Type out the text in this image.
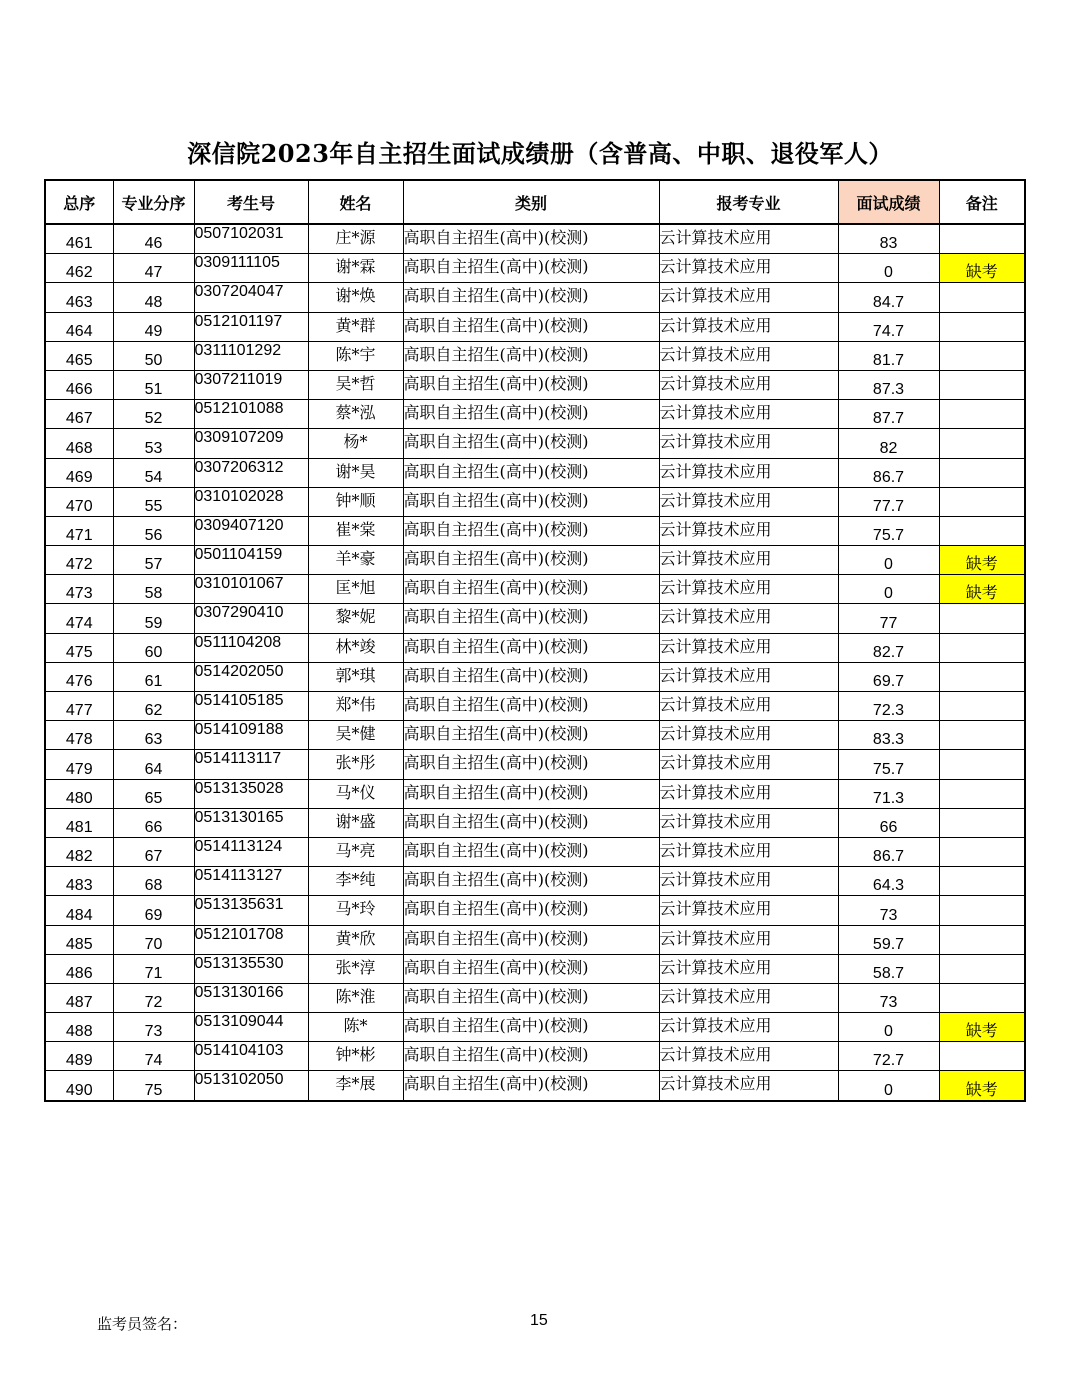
深信院2023年自主招生面试成绩册（含普高、中职、退役军人）
总序	专业分序	考生号	姓名	类别	报考专业	面试成绩	备注
461	46	0507102031	庄*源	高职自主招生(高中)(校测)	云计算技术应用	83	
462	47	0309111105	谢*霖	高职自主招生(高中)(校测)	云计算技术应用	0	缺考
463	48	0307204047	谢*焕	高职自主招生(高中)(校测)	云计算技术应用	84.7	
464	49	0512101197	黄*群	高职自主招生(高中)(校测)	云计算技术应用	74.7	
465	50	0311101292	陈*宇	高职自主招生(高中)(校测)	云计算技术应用	81.7	
466	51	0307211019	吴*哲	高职自主招生(高中)(校测)	云计算技术应用	87.3	
467	52	0512101088	蔡*泓	高职自主招生(高中)(校测)	云计算技术应用	87.7	
468	53	0309107209	杨*	高职自主招生(高中)(校测)	云计算技术应用	82	
469	54	0307206312	谢*昊	高职自主招生(高中)(校测)	云计算技术应用	86.7	
470	55	0310102028	钟*顺	高职自主招生(高中)(校测)	云计算技术应用	77.7	
471	56	0309407120	崔*棠	高职自主招生(高中)(校测)	云计算技术应用	75.7	
472	57	0501104159	羊*豪	高职自主招生(高中)(校测)	云计算技术应用	0	缺考
473	58	0310101067	匡*旭	高职自主招生(高中)(校测)	云计算技术应用	0	缺考
474	59	0307290410	黎*妮	高职自主招生(高中)(校测)	云计算技术应用	77	
475	60	0511104208	林*竣	高职自主招生(高中)(校测)	云计算技术应用	82.7	
476	61	0514202050	郭*琪	高职自主招生(高中)(校测)	云计算技术应用	69.7	
477	62	0514105185	郑*伟	高职自主招生(高中)(校测)	云计算技术应用	72.3	
478	63	0514109188	吴*健	高职自主招生(高中)(校测)	云计算技术应用	83.3	
479	64	0514113117	张*彤	高职自主招生(高中)(校测)	云计算技术应用	75.7	
480	65	0513135028	马*仪	高职自主招生(高中)(校测)	云计算技术应用	71.3	
481	66	0513130165	谢*盛	高职自主招生(高中)(校测)	云计算技术应用	66	
482	67	0514113124	马*亮	高职自主招生(高中)(校测)	云计算技术应用	86.7	
483	68	0514113127	李*纯	高职自主招生(高中)(校测)	云计算技术应用	64.3	
484	69	0513135631	马*玲	高职自主招生(高中)(校测)	云计算技术应用	73	
485	70	0512101708	黄*欣	高职自主招生(高中)(校测)	云计算技术应用	59.7	
486	71	0513135530	张*淳	高职自主招生(高中)(校测)	云计算技术应用	58.7	
487	72	0513130166	陈*淮	高职自主招生(高中)(校测)	云计算技术应用	73	
488	73	0513109044	陈*	高职自主招生(高中)(校测)	云计算技术应用	0	缺考
489	74	0514104103	钟*彬	高职自主招生(高中)(校测)	云计算技术应用	72.7	
490	75	0513102050	李*展	高职自主招生(高中)(校测)	云计算技术应用	0	缺考
监考员签名：	15
